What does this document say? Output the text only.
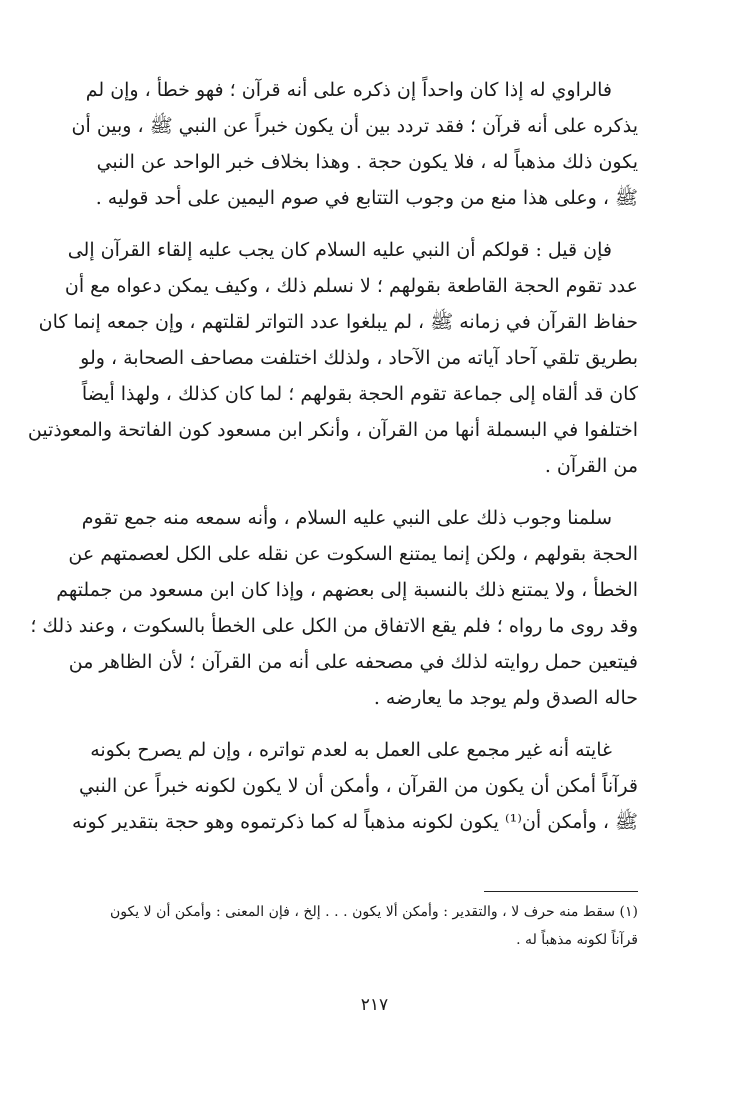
فالراوي له إذا كان واحداً إن ذكره على أنه قرآن ؛ فهو خطأ ، وإن لم
يذكره على أنه قرآن ؛ فقد تردد بين أن يكون خبراً عن النبي ﷺ ، وبين أن
يكون ذلك مذهباً له ، فلا يكون حجة . وهذا بخلاف خبر الواحد عن النبي
ﷺ ، وعلى هذا منع من وجوب التتابع في صوم اليمين على أحد قوليه .
فإن قيل : قولكم أن النبي عليه السلام كان يجب عليه إلقاء القرآن إلى
عدد تقوم الحجة القاطعة بقولهم ؛ لا نسلم ذلك ، وكيف يمكن دعواه مع أن
حفاظ القرآن في زمانه ﷺ ، لم يبلغوا عدد التواتر لقلتهم ، وإن جمعه إنما كان
بطريق تلقي آحاد آياته من الآحاد ، ولذلك اختلفت مصاحف الصحابة ، ولو
كان قد ألقاه إلى جماعة تقوم الحجة بقولهم ؛ لما كان كذلك ، ولهذا أيضاً
اختلفوا في البسملة أنها من القرآن ، وأنكر ابن مسعود كون الفاتحة والمعوذتين
من القرآن .
سلمنا وجوب ذلك على النبي عليه السلام ، وأنه سمعه منه جمع تقوم
الحجة بقولهم ، ولكن إنما يمتنع السكوت عن نقله على الكل لعصمتهم عن
الخطأ ، ولا يمتنع ذلك بالنسبة إلى بعضهم ، وإذا كان ابن مسعود من جملتهم
وقد روى ما رواه ؛ فلم يقع الاتفاق من الكل على الخطأ بالسكوت ، وعند ذلك ؛
فيتعين حمل روايته لذلك في مصحفه على أنه من القرآن ؛ لأن الظاهر من
حاله الصدق ولم يوجد ما يعارضه .
غايته أنه غير مجمع على العمل به لعدم تواتره ، وإن لم يصرح بكونه
قرآناً أمكن أن يكون من القرآن ، وأمكن أن لا يكون لكونه خبراً عن النبي
ﷺ ، وأمكن أن⁽¹⁾ يكون لكونه مذهباً له كما ذكرتموه وهو حجة بتقدير كونه
(١) سقط منه حرف لا ، والتقدير : وأمكن ألا يكون . . . إلخ ، فإن المعنى : وأمكن أن لا يكون
قرآناً لكونه مذهباً له .
٢١٧
